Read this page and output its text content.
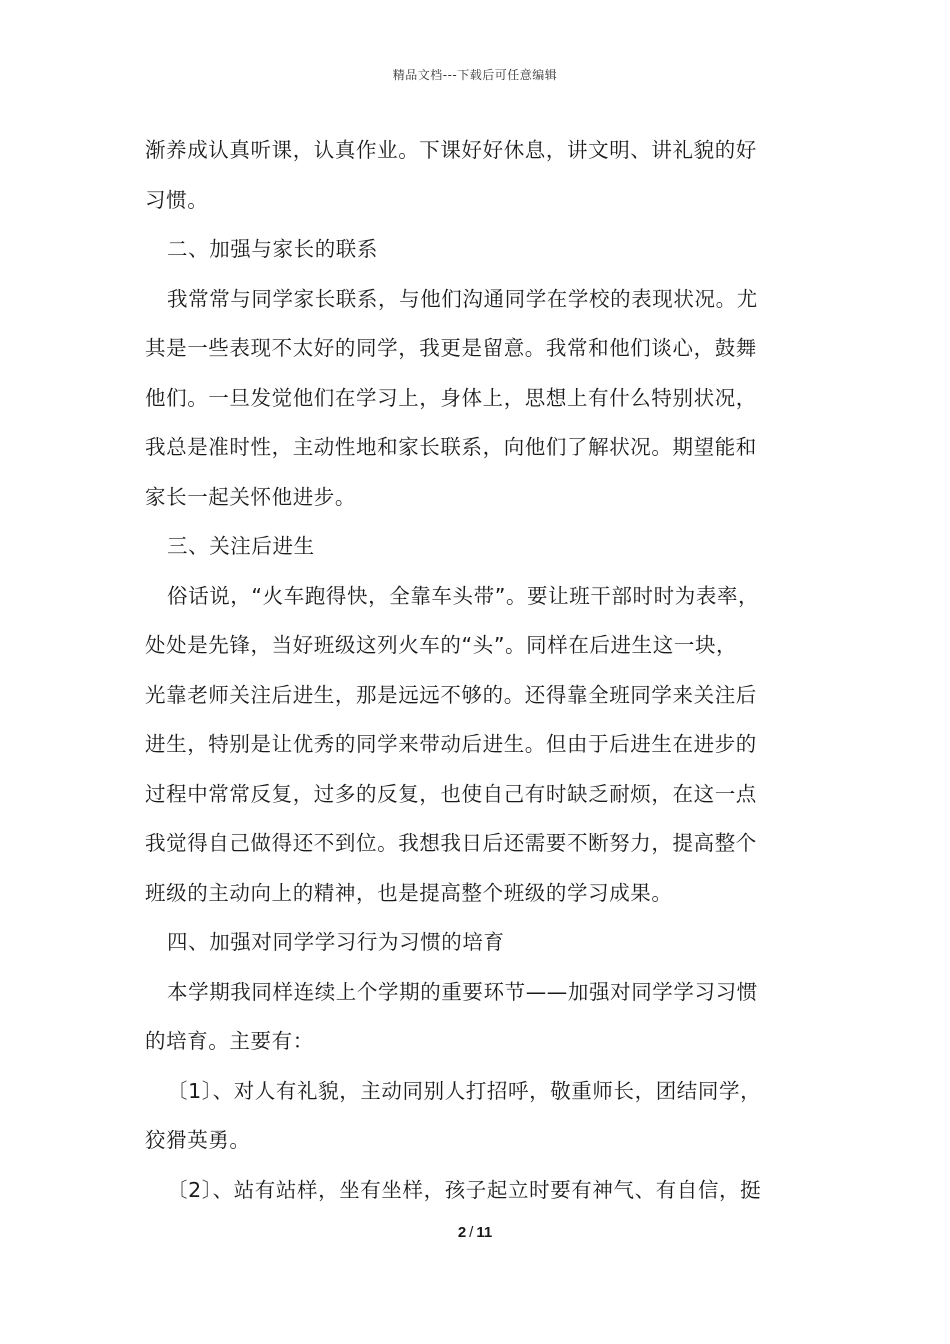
精品文档---下载后可任意编辑
渐养成认真听课，认真作业。下课好好休息，讲文明、讲礼貌的好
习惯。
二、加强与家长的联系
我常常与同学家长联系，与他们沟通同学在学校的表现状况。尤
其是一些表现不太好的同学，我更是留意。我常和他们谈心，鼓舞
他们。一旦发觉他们在学习上，身体上，思想上有什么特别状况，
我总是准时性，主动性地和家长联系，向他们了解状况。期望能和
家长一起关怀他进步。
三、关注后进生
俗话说，“火车跑得快，全靠车头带”。要让班干部时时为表率，
处处是先锋，当好班级这列火车的“头”。同样在后进生这一块，
光靠老师关注后进生，那是远远不够的。还得靠全班同学来关注后
进生，特别是让优秀的同学来带动后进生。但由于后进生在进步的
过程中常常反复，过多的反复，也使自己有时缺乏耐烦，在这一点
我觉得自己做得还不到位。我想我日后还需要不断努力，提高整个
班级的主动向上的精神，也是提高整个班级的学习成果。
四、加强对同学学习行为习惯的培育
本学期我同样连续上个学期的重要环节——加强对同学学习习惯
的培育。主要有：
〔1〕、对人有礼貌，主动同别人打招呼，敬重师长，团结同学，
狡猾英勇。
〔2〕、站有站样，坐有坐样，孩子起立时要有神气、有自信，挺
2 / 11
